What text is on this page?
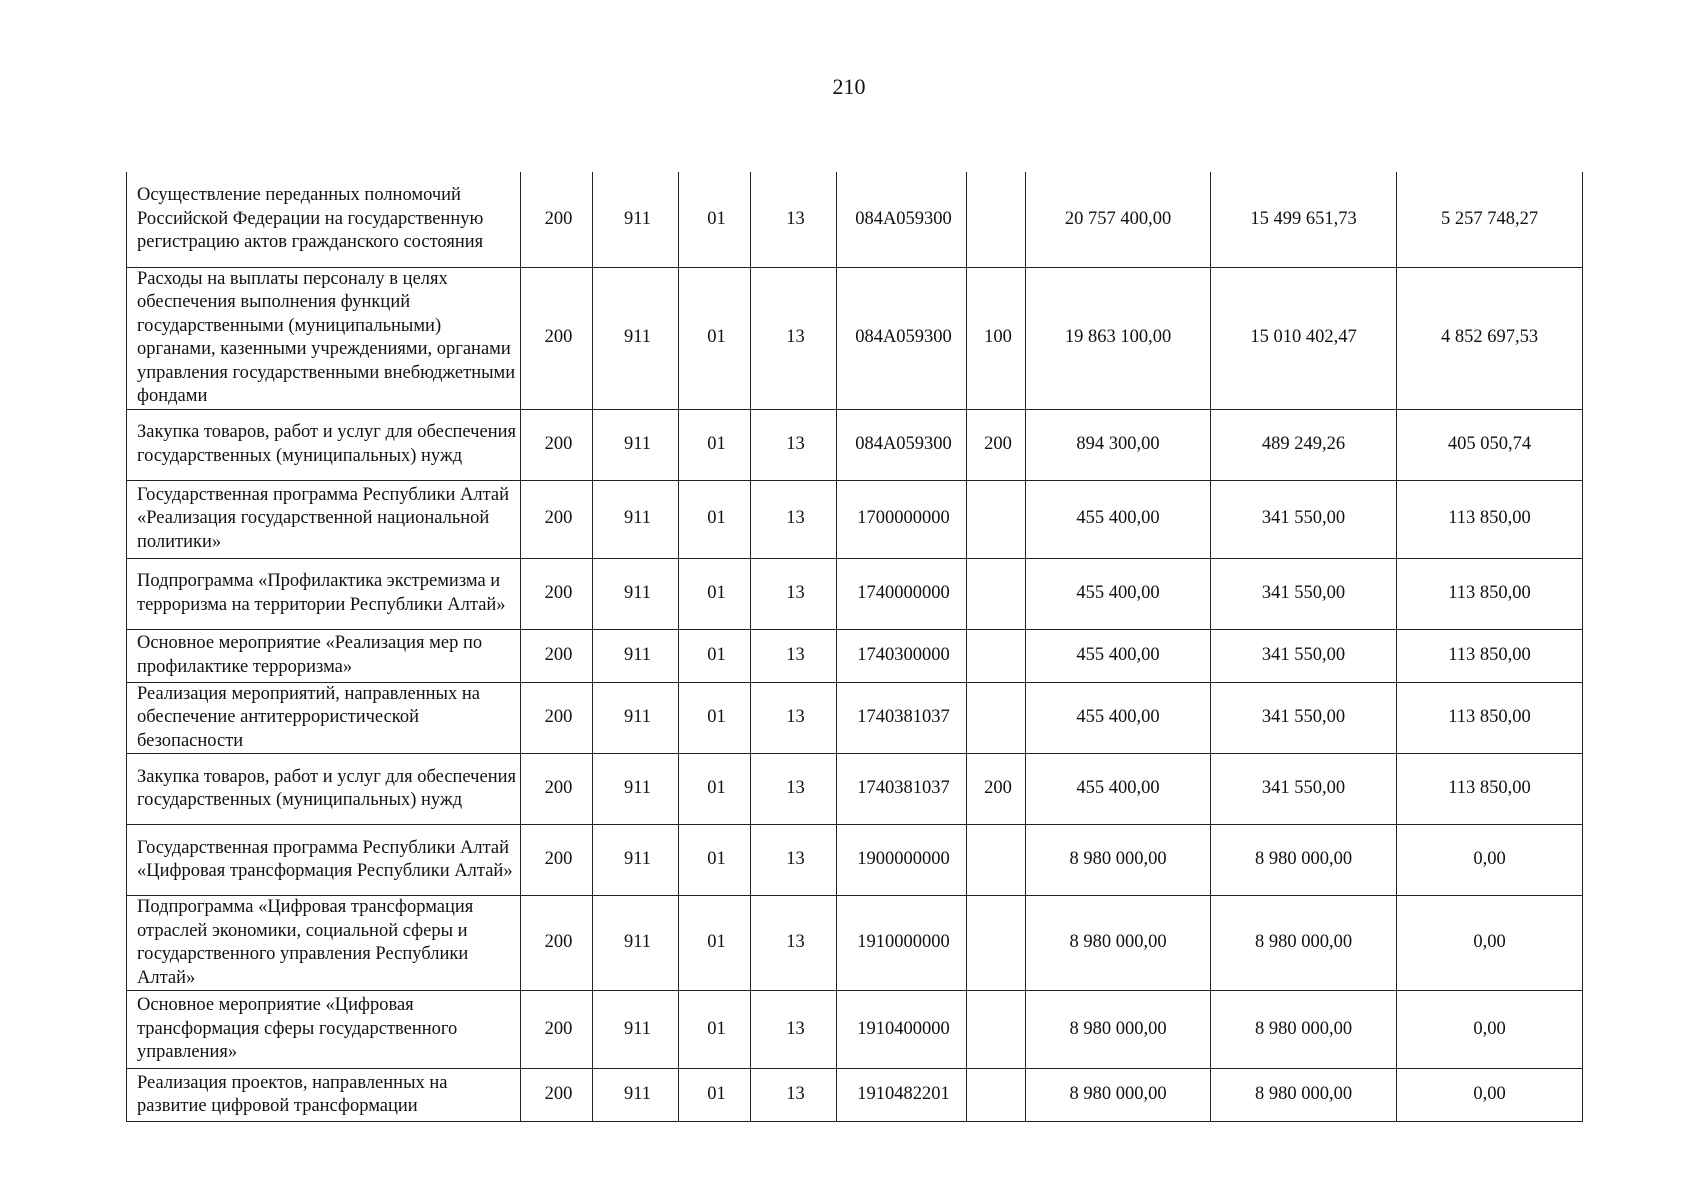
210
Осуществление переданных полномочий Российской Федерации на государственную регистрацию актов гражданского состояния	200	911	01	13	084A059300		20 757 400,00	15 499 651,73	5 257 748,27
Расходы на выплаты персоналу в целях обеспечения выполнения функций государственными (муниципальными) органами, казенными учреждениями, органами управления государственными внебюджетными фондами	200	911	01	13	084A059300	100	19 863 100,00	15 010 402,47	4 852 697,53
Закупка товаров, работ и услуг для обеспечения государственных (муниципальных) нужд	200	911	01	13	084A059300	200	894 300,00	489 249,26	405 050,74
Государственная программа Республики Алтай «Реализация государственной национальной политики»	200	911	01	13	1700000000		455 400,00	341 550,00	113 850,00
Подпрограмма «Профилактика экстремизма и терроризма на территории Республики Алтай»	200	911	01	13	1740000000		455 400,00	341 550,00	113 850,00
Основное мероприятие «Реализация мер по профилактике терроризма»	200	911	01	13	1740300000		455 400,00	341 550,00	113 850,00
Реализация мероприятий, направленных на обеспечение антитеррористической безопасности	200	911	01	13	1740381037		455 400,00	341 550,00	113 850,00
Закупка товаров, работ и услуг для обеспечения государственных (муниципальных) нужд	200	911	01	13	1740381037	200	455 400,00	341 550,00	113 850,00
Государственная программа Республики Алтай «Цифровая трансформация Республики Алтай»	200	911	01	13	1900000000		8 980 000,00	8 980 000,00	0,00
Подпрограмма «Цифровая трансформация отраслей экономики, социальной сферы и государственного управления Республики Алтай»	200	911	01	13	1910000000		8 980 000,00	8 980 000,00	0,00
Основное мероприятие «Цифровая трансформация сферы государственного управления»	200	911	01	13	1910400000		8 980 000,00	8 980 000,00	0,00
Реализация проектов, направленных на развитие цифровой трансформации	200	911	01	13	1910482201		8 980 000,00	8 980 000,00	0,00
